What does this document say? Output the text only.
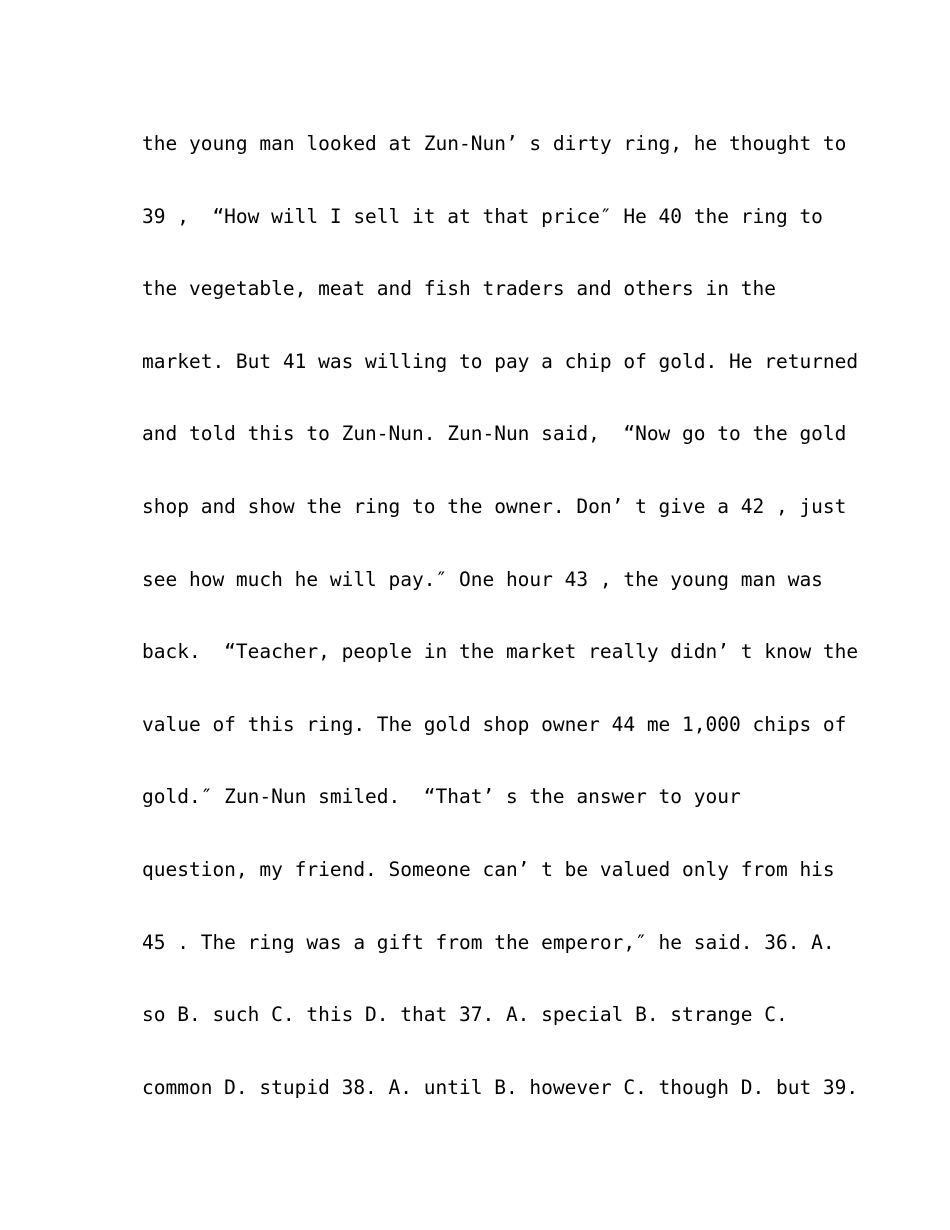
the young man looked at Zun-Nun’ s dirty ring, he thought to
39 ,  “How will I sell it at that price″ He 40 the ring to
the vegetable, meat and fish traders and others in the
market. But 41 was willing to pay a chip of gold. He returned
and told this to Zun-Nun. Zun-Nun said,  “Now go to the gold
shop and show the ring to the owner. Don’ t give a 42 , just
see how much he will pay.″ One hour 43 , the young man was
back.  “Teacher, people in the market really didn’ t know the
value of this ring. The gold shop owner 44 me 1,000 chips of
gold.″ Zun-Nun smiled.  “That’ s the answer to your
question, my friend. Someone can’ t be valued only from his
45 . The ring was a gift from the emperor,″ he said. 36. A.
so B. such C. this D. that 37. A. special B. strange C.
common D. stupid 38. A. until B. however C. though D. but 39.
